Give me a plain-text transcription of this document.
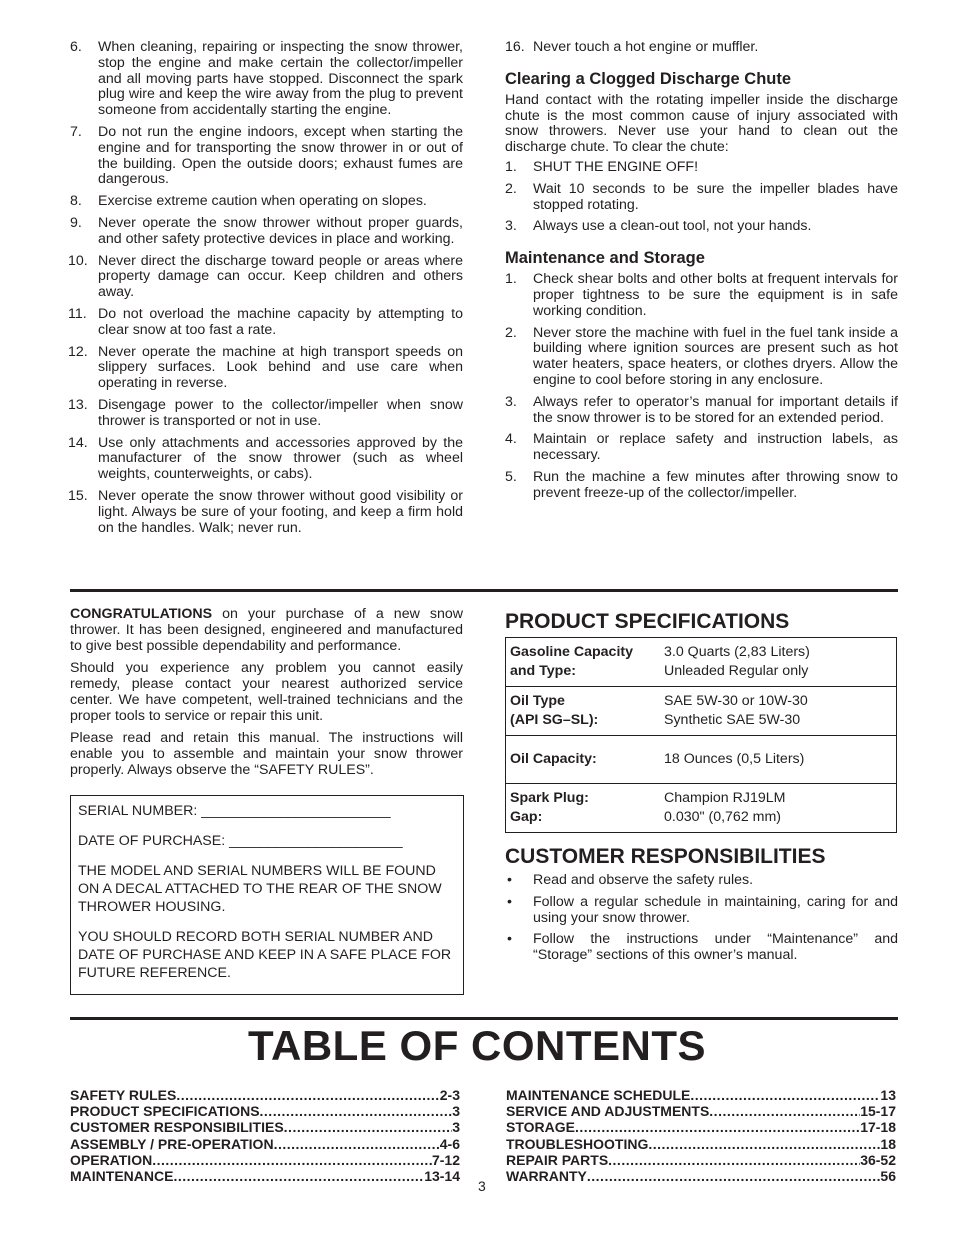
6. When cleaning, repairing or inspecting the snow thrower, stop the engine and make certain the collector/impeller and all moving parts have stopped. Disconnect the spark plug wire and keep the wire away from the plug to prevent someone from accidentally starting the engine.
7. Do not run the engine indoors, except when starting the engine and for transporting the snow thrower in or out of the building. Open the outside doors; exhaust fumes are dangerous.
8. Exercise extreme caution when operating on slopes.
9. Never operate the snow thrower without proper guards, and other safety protective devices in place and working.
10. Never direct the discharge toward people or areas where property damage can occur. Keep children and others away.
11. Do not overload the machine capacity by attempting to clear snow at too fast a rate.
12. Never operate the machine at high transport speeds on slippery surfaces. Look behind and use care when operating in reverse.
13. Disengage power to the collector/impeller when snow thrower is transported or not in use.
14. Use only attachments and accessories approved by the manufacturer of the snow thrower (such as wheel weights, counterweights, or cabs).
15. Never operate the snow thrower without good visibility or light. Always be sure of your footing, and keep a firm hold on the handles. Walk; never run.
16. Never touch a hot engine or muffler.
Clearing a Clogged Discharge Chute

Hand contact with the rotating impeller inside the discharge chute is the most common cause of injury associated with snow throwers. Never use your hand to clean out the discharge chute. To clear the chute:

1. SHUT THE ENGINE OFF!
2. Wait 10 seconds to be sure the impeller blades have stopped rotating.
3. Always use a clean-out tool, not your hands.
Maintenance and Storage
1. Check shear bolts and other bolts at frequent intervals for proper tightness to be sure the equipment is in safe working condition.
2. Never store the machine with fuel in the fuel tank inside a building where ignition sources are present such as hot water heaters, space heaters, or clothes dryers. Allow the engine to cool before storing in any enclosure.
3. Always refer to operator’s manual for important details if the snow thrower is to be stored for an extended period.
4. Maintain or replace safety and instruction labels, as necessary.
5. Run the machine a few minutes after throwing snow to prevent freeze-up of the collector/impeller.

CONGRATULATIONS on your purchase of a new snow thrower. It has been designed, engineered and manufactured to give best possible dependability and performance.

Should you experience any problem you cannot easily remedy, please contact your nearest authorized service center. We have competent, well-trained technicians and the proper tools to service or repair this unit.

Please read and retain this manual. The instructions will enable you to assemble and maintain your snow thrower properly. Always observe the “SAFETY RULES”.

SERIAL NUMBER: ________________________

DATE OF PURCHASE: ______________________

THE MODEL AND SERIAL NUMBERS WILL BE FOUND ON A DECAL ATTACHED TO THE REAR OF THE SNOW THROWER HOUSING.

YOU SHOULD RECORD BOTH SERIAL NUMBER AND DATE OF PURCHASE AND KEEP IN A SAFE PLACE FOR FUTURE REFERENCE.

PRODUCT SPECIFICATIONS
Gasoline Capacity
and Type:	3.0 Quarts (2,83 Liters)
Unleaded Regular only
Oil Type
(API SG–SL):	SAE 5W-30 or 10W-30
Synthetic SAE 5W-30
Oil Capacity:	18 Ounces (0,5 Liters)
Spark Plug:
Gap:	Champion RJ19LM
0.030" (0,762 mm)
CUSTOMER RESPONSIBILITIES
• Read and observe the safety rules.
• Follow a regular schedule in maintaining, caring for and using your snow thrower.
• Follow the instructions under “Maintenance” and “Storage” sections of this owner’s manual.
TABLE OF CONTENTS
SAFETY RULES .....	2-3
PRODUCT SPECIFICATIONS .....	3
CUSTOMER RESPONSIBILITIES .....	3
ASSEMBLY / PRE-OPERATION .....	4-6
OPERATION .....	7-12
MAINTENANCE .....	13-14
MAINTENANCE SCHEDULE .....	13
SERVICE AND ADJUSTMENTS .....	15-17
STORAGE .....	17-18
TROUBLESHOOTING .....	18
REPAIR PARTS .....	36-52
WARRANTY .....	56
3
